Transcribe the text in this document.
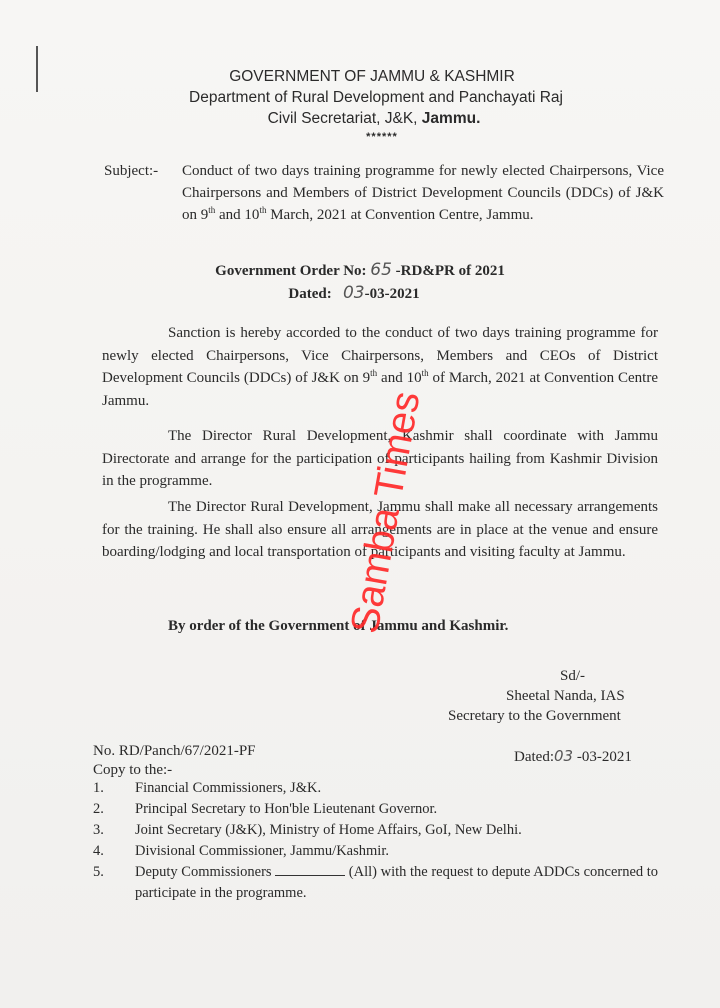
GOVERNMENT OF JAMMU & KASHMIR
Department of Rural Development and Panchayati Raj
Civil Secretariat, J&K, Jammu.
******
Subject:- Conduct of two days training programme for newly elected Chairpersons, Vice Chairpersons and Members of District Development Councils (DDCs) of J&K on 9th and 10th March, 2021 at Convention Centre, Jammu.
Government Order No: 65 -RD&PR of 2021
Dated:   03-03-2021
Sanction is hereby accorded to the conduct of two days training programme for newly elected Chairpersons, Vice Chairpersons, Members and CEOs of District Development Councils (DDCs) of J&K on 9th and 10th of March, 2021 at Convention Centre Jammu.
The Director Rural Development, Kashmir shall coordinate with Jammu Directorate and arrange for the participation of participants hailing from Kashmir Division in the programme.
The Director Rural Development, Jammu shall make all necessary arrangements for the training. He shall also ensure all arrangements are in place at the venue and ensure boarding/lodging and local transportation of participants and visiting faculty at Jammu.
By order of the Government of Jammu and Kashmir.
Sd/-
Sheetal Nanda, IAS
Secretary to the Government
No. RD/Panch/67/2021-PF	Dated:03 -03-2021
Copy to the:-
1. Financial Commissioners, J&K.
2. Principal Secretary to Hon'ble Lieutenant Governor.
3. Joint Secretary (J&K), Ministry of Home Affairs, GoI, New Delhi.
4. Divisional Commissioner, Jammu/Kashmir.
5. Deputy Commissioners	(All) with the request to depute ADDCs concerned to participate in the programme.
Samba Times
